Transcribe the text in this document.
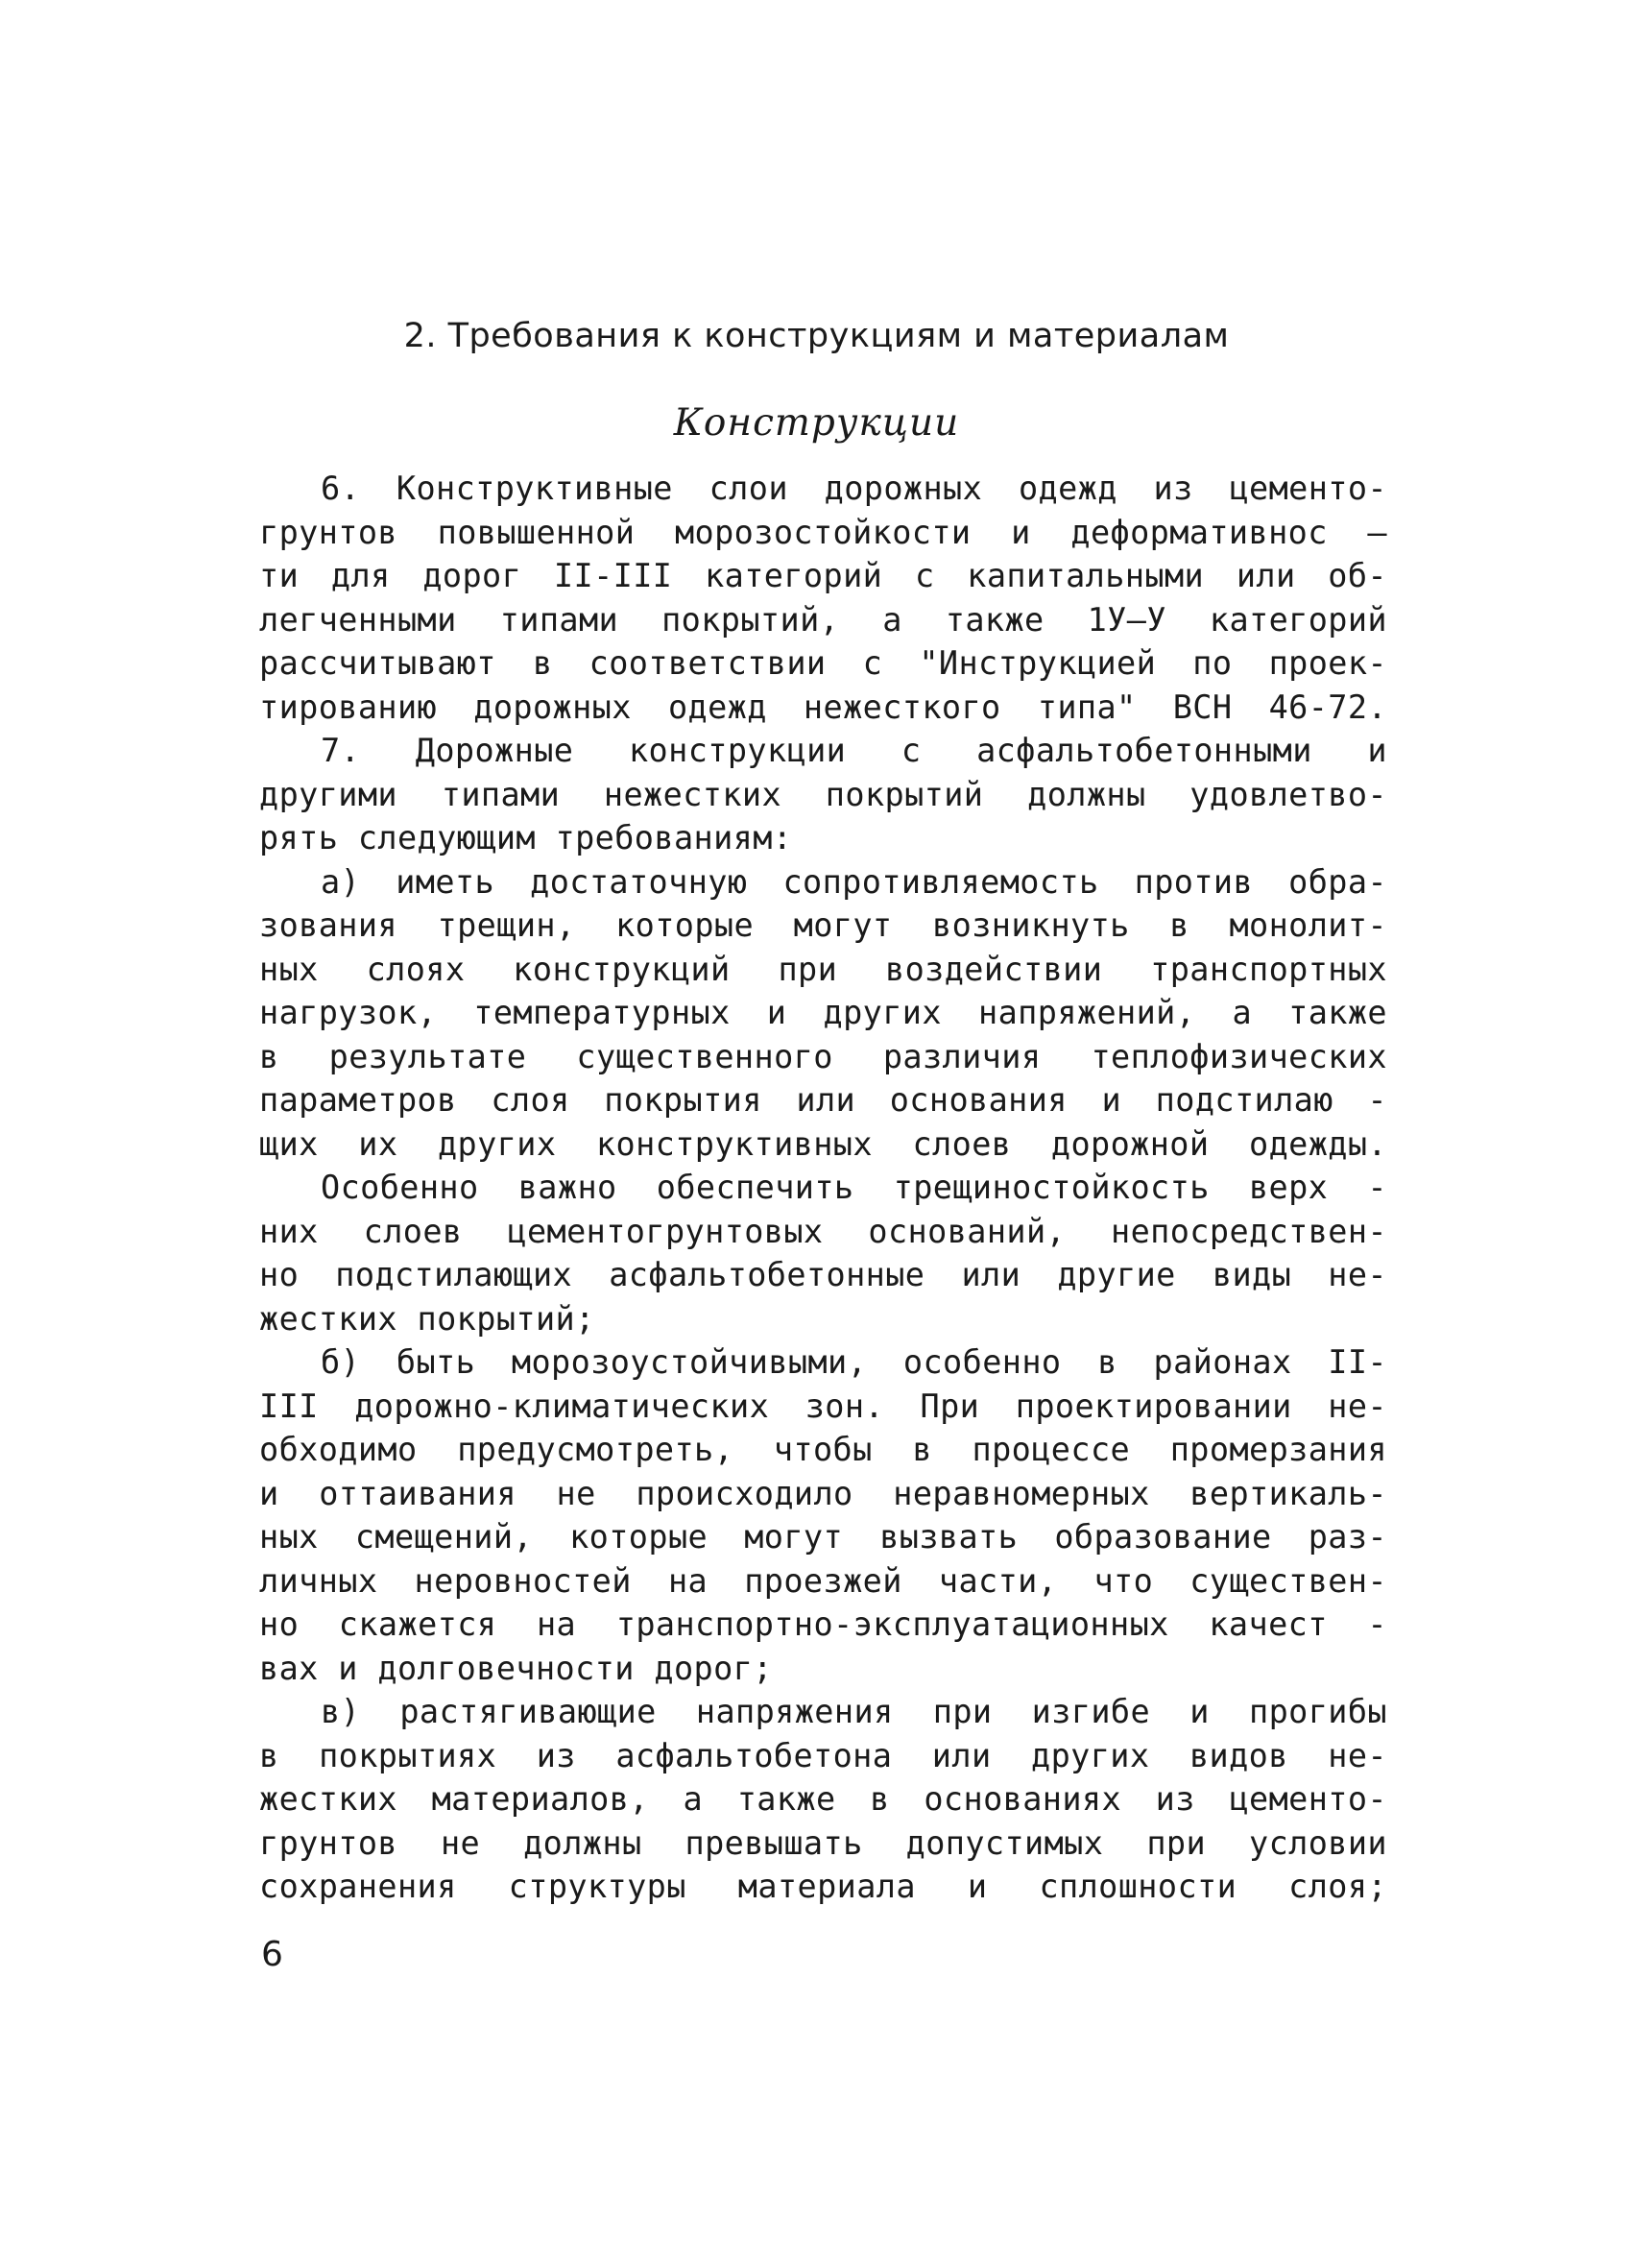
2. Требования к конструкциям и материалам
Конструкции
6. Конструктивные слои дорожных одежд из цементо-
грунтов повышенной морозостойкости и деформативнос –
ти для дорог II-III категорий с капитальными или об-
легченными типами покрытий, а также 1У–У категорий
рассчитывают в соответствии с "Инструкцией по проек-
тированию дорожных одежд нежесткого типа" ВСН 46-72.
7. Дорожные конструкции с асфальтобетонными и
другими типами нежестких покрытий должны удовлетво-
рять следующим требованиям:
а) иметь достаточную сопротивляемость против обра-
зования трещин, которые могут возникнуть в монолит-
ных слоях конструкций при воздействии транспортных
нагрузок, температурных и других напряжений, а также
в результате существенного различия теплофизических
параметров слоя покрытия или основания и подстилаю -
щих их других конструктивных слоев дорожной одежды.
Особенно важно обеспечить трещиностойкость верх -
них слоев цементогрунтовых оснований, непосредствен-
но подстилающих асфальтобетонные или другие виды не-
жестких покрытий;
б) быть морозоустойчивыми, особенно в районах II-
III дорожно-климатических зон. При проектировании не-
обходимо предусмотреть, чтобы в процессе промерзания
и оттаивания не происходило неравномерных вертикаль-
ных смещений, которые могут вызвать образование раз-
личных неровностей на проезжей части, что существен-
но скажется на транспортно-эксплуатационных качест -
вах и долговечности дорог;
в) растягивающие напряжения при изгибе и прогибы
в покрытиях из асфальтобетона или других видов не-
жестких материалов, а также в основаниях из цементо-
грунтов не должны превышать допустимых при условии
сохранения структуры материала и сплошности слоя;
6
